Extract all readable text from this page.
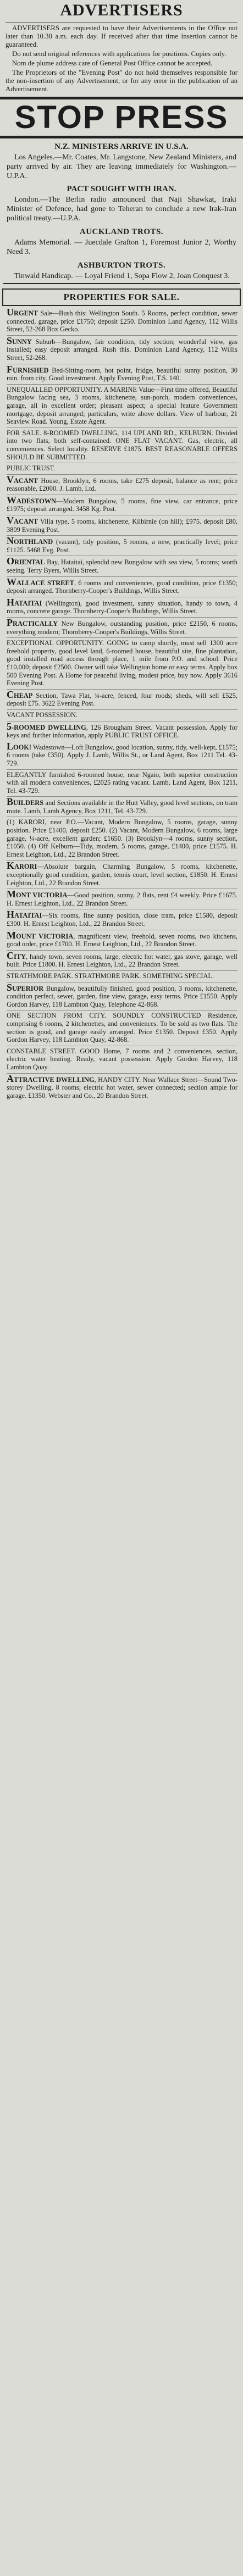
ADVERTISERS

ADVERTISERS are requested to have their Advertisements in the Office not later than 10.30 a.m. each day. If received after that time insertion cannot be guaranteed.

Do not send original references with applications for positions. Copies only.

Nom de plume address care of General Post Office cannot be accepted.

The Proprietors of the "Evening Post" do not hold themselves responsible for the non-insertion of any Advertisement, or for any error in the publication of an Advertisement.

STOP PRESS
N.Z. MINISTERS ARRIVE IN U.S.A.

Los Angeles.—Mr. Coates, Mr. Langstone, New Zealand Ministers, and party arrived by air. They are leaving immediately for Washington.—U.P.A.

PACT SOUGHT WITH IRAN.

London.—The Berlin radio announced that Naji Shawkat, Iraki Minister of Defence, had gone to Teheran to conclude a new Irak-Iran political treaty.—U.P.A.

AUCKLAND TROTS.

Adams Memorial. — Juecdale Grafton 1, Foremost Junior 2, Worthy Need 3.

ASHBURTON TROTS.

Tinwald Handicap. — Loyal Friend 1, Sopa Flow 2, Joan Conquest 3.

PROPERTIES FOR SALE.

URGENT Sale—Bush this: Wellington South. 5 Rooms, perfect condition, sewer connected, garage, price £1750; deposit £250. Dominion Land Agency, 112 Willis Street, 52-268 Box Gecko.

SUNNY Suburb—Bungalow, fair condition, tidy section; wonderful view, gas installed; easy deposit arranged. Rush this. Dominion Land Agency, 112 Willis Street, 52-268.

FURNISHED Bed-Sitting-room, hot point, fridge, beautiful sunny position, 30 min. from city. Good investment. Apply Evening Post, T.S. 140.

UNEQUALLED OPPORTUNITY. A MARINE Value—First time offered, Beautiful Bungalow facing sea, 3 rooms, kitchenette, sun-porch, modern conveniences, garage, all in excellent order; pleasant aspect; a special feature Government mortgage, deposit arranged; particulars, write above dollars. View of harbour, 21 Seaview Road. Young, Estate Agent.

FOR SALE. 8-ROOMED DWELLING, 114 UPLAND RD., KELBURN. Divided into two flats, both self-contained. ONE FLAT VACANT. Gas, electric, all conveniences. Select locality. RESERVE £1875. BEST REASONABLE OFFERS SHOULD BE SUBMITTED.

PUBLIC TRUST.

VACANT House, Brooklyn, 6 rooms, take £275 deposit, balance as rent; price reasonable, £2000. J. Lamb, Ltd.

WADESTOWN—Modern Bungalow, 5 rooms, fine view, car entrance, price £1975; deposit arranged. 3458 Kg. Post.

VACANT Villa type, 5 rooms, kitchenette, Kilbirnie (on hill); £975. deposit £80, 3809 Evening Post.

NORTHLAND (vacant), tidy position, 5 rooms, a new, practically level; price £1125. 5468 Evg. Post.

ORIENTAL Bay, Hataitai, splendid new Bungalow with sea view, 5 rooms; worth seeing. Terry Byers, Willis Street.

WALLACE STREET, 6 rooms and conveniences, good condition, price £1350; deposit arranged. Thornberry-Cooper's Buildings, Willis Street.

HATAITAI (Wellington), good investment, sunny situation, handy to town, 4 rooms, concrete garage. Thornberry-Cooper's Buildings, Willis Street.

PRACTICALLY New Bungalow, outstanding position, price £2150, 6 rooms, everything modern; Thornberry-Cooper's Buildings, Willis Street.

EXCEPTIONAL OPPORTUNITY. GOING to camp shortly, must sell 1300 acre freehold property, good level land, 6-roomed house, beautiful site, fine plantation, good installed road access through place, 1 mile from P.O. and school. Price £10,000; deposit £2500. Owner will take Wellington home or easy terms. Apply box 500 Evening Post. A Home for peaceful living, modest price, buy now. Apply 3616 Evening Post.

CHEAP Section, Tawa Flat, ¾-acre, fenced, four roods; sheds, will sell £525, deposit £75. 3622 Evening Post.

VACANT POSSESSION.

5-ROOMED DWELLING, 126 Brougham Street. Vacant possession. Apply for keys and further information, apply PUBLIC TRUST OFFICE.

LOOK! Wadestown—Loft Bungalow, good location, sunny, tidy, well-kept, £1575; 6 rooms (take £350). Apply J. Lamb, Willis St., or Land Agent, Box 1211 Tel. 43-729.

ELEGANTLY furnished 6-roomed house, near Ngaio, both superior construction with all modern conveniences, £2025 rating vacant. Lamb, Land Agent, Box 1211, Tel. 43-729.

BUILDERS and Sections available in the Hutt Valley, good level sections, on tram route. Lamb, Lamb Agency, Box 1211, Tel. 43-729.

(1) KARORI, near P.O.—Vacant, Modern Bungalow, 5 rooms, garage, sunny position. Price £1400, deposit £250. (2) Vacant, Modern Bungalow, 6 rooms, large garage, ¼-acre, excellent garden; £1650. (3) Brooklyn—4 rooms, sunny section, £1050. (4) Off Kelburn—Tidy, modern, 5 rooms, garage, £1400, price £1575. H. Ernest Leighton, Ltd., 22 Brandon Street.

KARORI—Absolute bargain, Charming Bungalow, 5 rooms, kitchenette, exceptionally good condition, garden, tennis court, level section, £1850. H. Ernest Leighton, Ltd., 22 Brandon Street.

MONT VICTORIA—Good position, sunny, 2 flats, rent £4 weekly. Price £1675. H. Ernest Leighton, Ltd., 22 Brandon Street.

HATAITAI—Six rooms, fine sunny position, close tram, price £1580, deposit £300. H. Ernest Leighton, Ltd., 22 Brandon Street.

MOUNT VICTORIA, magnificent view, freehold, seven rooms, two kitchens, good order, price £1700. H. Ernest Leighton, Ltd., 22 Brandon Street.

CITY, handy town, seven rooms, large, electric hot water, gas stove, garage, well built. Price £1800. H. Ernest Leighton, Ltd., 22 Brandon Street.

STRATHMORE PARK. STRATHMORE PARK. SOMETHING SPECIAL.

SUPERIOR Bungalow, beautifully finished, good position, 3 rooms, kitchenette, condition perfect, sewer, garden, fine view, garage, easy terms. Price £1550. Apply Gordon Harvey, 118 Lambton Quay, Telephone 42-868.

ONE SECTION FROM CITY. SOUNDLY CONSTRUCTED Residence, comprising 6 rooms, 2 kitchenettes, and conveniences. To be sold as two flats. The section is good, and garage easily arranged. Price £1350. Deposit £350. Apply Gordon Harvey, 118 Lambton Quay, 42-868.

CONSTABLE STREET. GOOD Home, 7 rooms and 2 conveniences, section, electric water heating. Ready, vacant possession. Apply Gordon Harvey, 118 Lambton Quay.

ATTRACTIVE DWELLING, HANDY CITY. Near Wallace Street—Sound Two-storey Dwelling, 8 rooms; electric hot water, sewer connected; section ample for garage. £1350. Webster and Co., 20 Brandon Street.
